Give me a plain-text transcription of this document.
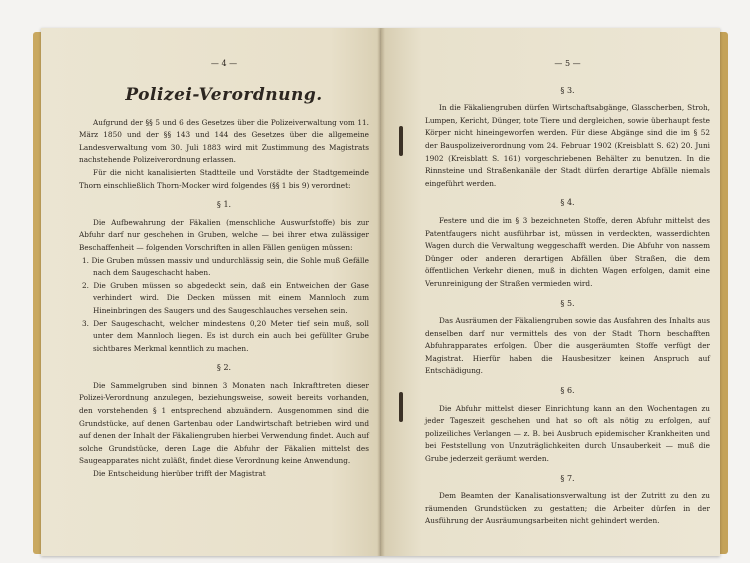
— 4 —
Polizei-Verordnung.

Aufgrund der §§ 5 und 6 des Gesetzes über die Polizeiverwaltung vom 11. März 1850 und der §§ 143 und 144 des Gesetzes über die allgemeine Landesverwaltung vom 30. Juli 1883 wird mit Zustimmung des Magistrats nachstehende Polizeiverordnung erlassen.

Für die nicht kanalisierten Stadtteile und Vorstädte der Stadtgemeinde Thorn einschließlich Thorn-Mocker wird folgendes (§§ 1 bis 9) verordnet:

§ 1.

Die Aufbewahrung der Fäkalien (menschliche Auswurfstoffe) bis zur Abfuhr darf nur geschehen in Gruben, welche — bei ihrer etwa zulässiger Beschaffenheit — folgenden Vorschriften in allen Fällen genügen müssen:

1. Die Gruben müssen massiv und undurchlässig sein, die Sohle muß Gefälle nach dem Saugeschacht haben.

2. Die Gruben müssen so abgedeckt sein, daß ein Entweichen der Gase verhindert wird. Die Decken müssen mit einem Mannloch zum Hineinbringen des Saugers und des Saugeschlauches versehen sein.

3. Der Saugeschacht, welcher mindestens 0,20 Meter tief sein muß, soll unter dem Mannloch liegen. Es ist durch ein auch bei gefüllter Grube sichtbares Merkmal kenntlich zu machen.

§ 2.

Die Sammelgruben sind binnen 3 Monaten nach Inkrafttreten dieser Polizei-Verordnung anzulegen, beziehungsweise, soweit bereits vorhanden, den vorstehenden § 1 entsprechend abzuändern. Ausgenommen sind die Grundstücke, auf denen Gartenbau oder Landwirtschaft betrieben wird und auf denen der Inhalt der Fäkaliengruben hierbei Verwendung findet. Auch auf solche Grundstücke, deren Lage die Abfuhr der Fäkalien mittelst des Saugeapparates nicht zuläßt, findet diese Verordnung keine Anwendung.

Die Entscheidung hierüber trifft der Magistrat

— 5 —
§ 3.

In die Fäkaliengruben dürfen Wirtschaftsabgänge, Glasscherben, Stroh, Lumpen, Kericht, Dünger, tote Tiere und dergleichen, sowie überhaupt feste Körper nicht hineingeworfen werden. Für diese Abgänge sind die im § 52 der Bauspolizeiverordnung vom 24. Februar 1902 (Kreisblatt S. 62) 20. Juni 1902 (Kreisblatt S. 161) vorgeschriebenen Behälter zu benutzen. In die Rinnsteine und Straßenkanäle der Stadt dürfen derartige Abfälle niemals eingeführt werden.

§ 4.

Festere und die im § 3 bezeichneten Stoffe, deren Abfuhr mittelst des Patentfaugers nicht ausführbar ist, müssen in verdeckten, wasserdichten Wagen durch die Verwaltung weggeschafft werden. Die Abfuhr von nassem Dünger oder anderen derartigen Abfällen über Straßen, die dem öffentlichen Verkehr dienen, muß in dichten Wagen erfolgen, damit eine Verunreinigung der Straßen vermieden wird.

§ 5.

Das Ausräumen der Fäkaliengruben sowie das Ausfahren des Inhalts aus denselben darf nur vermittels des von der Stadt Thorn beschafften Abfuhrapparates erfolgen. Über die ausgeräumten Stoffe verfügt der Magistrat. Hierfür haben die Hausbesitzer keinen Anspruch auf Entschädigung.

§ 6.

Die Abfuhr mittelst dieser Einrichtung kann an den Wochentagen zu jeder Tageszeit geschehen und hat so oft als nötig zu erfolgen, auf polizeiliches Verlangen — z. B. bei Ausbruch epidemischer Krankheiten und bei Feststellung von Unzuträglichkeiten durch Unsauberkeit — muß die Grube jederzeit geräumt werden.

§ 7.

Dem Beamten der Kanalisationsverwaltung ist der Zutritt zu den zu räumenden Grundstücken zu gestatten; die Arbeiter dürfen in der Ausführung der Ausräumungsarbeiten nicht gehindert werden.
